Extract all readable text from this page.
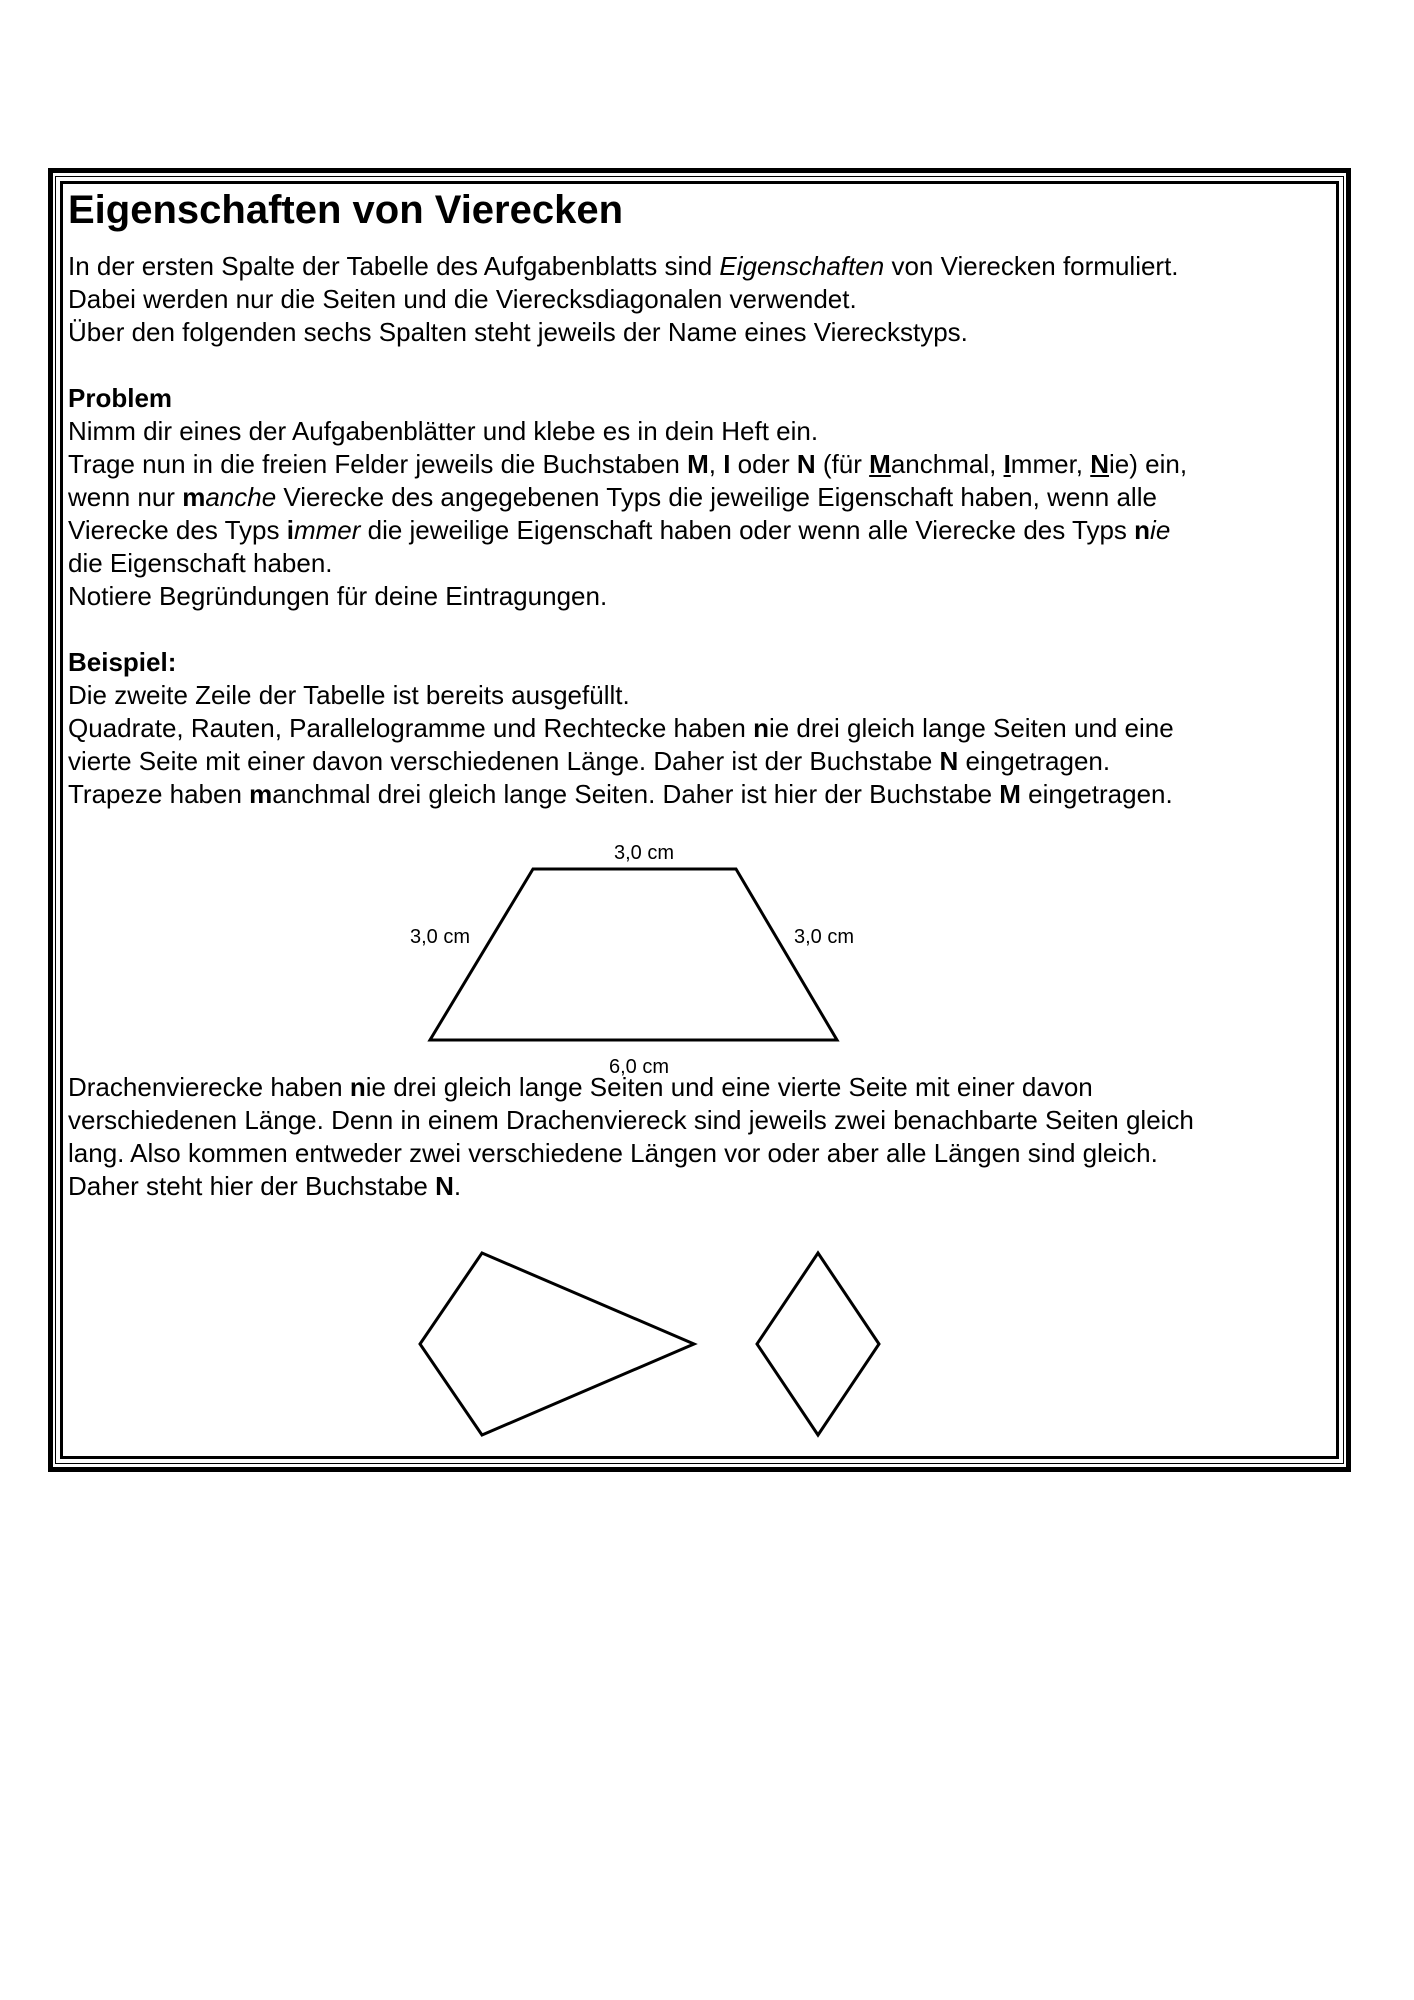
Eigenschaften von Vierecken

In der ersten Spalte der Tabelle des Aufgabenblatts sind Eigenschaften von Vierecken formuliert.

Dabei werden nur die Seiten und die Vierecksdiagonalen verwendet.

Über den folgenden sechs Spalten steht jeweils der Name eines Viereckstyps.

Problem

Nimm dir eines der Aufgabenblätter und klebe es in dein Heft ein.

Trage nun in die freien Felder jeweils die Buchstaben M, I oder N (für Manchmal, Immer, Nie) ein,

wenn nur manche Vierecke des angegebenen Typs die jeweilige Eigenschaft haben, wenn alle

Vierecke des Typs immer die jeweilige Eigenschaft haben oder wenn alle Vierecke des Typs nie

die Eigenschaft haben.

Notiere Begründungen für deine Eintragungen.

Beispiel:

Die zweite Zeile der Tabelle ist bereits ausgefüllt.

Quadrate, Rauten, Parallelogramme und Rechtecke haben nie drei gleich lange Seiten und eine

vierte Seite mit einer davon verschiedenen Länge. Daher ist der Buchstabe N eingetragen.

Trapeze haben manchmal drei gleich lange Seiten. Daher ist hier der Buchstabe M eingetragen.

Drachenvierecke haben nie drei gleich lange Seiten und eine vierte Seite mit einer davon

verschiedenen Länge. Denn in einem Drachenviereck sind jeweils zwei benachbarte Seiten gleich

lang. Also kommen entweder zwei verschiedene Längen vor oder aber alle Längen sind gleich.

Daher steht hier der Buchstabe N.

3,0 cm
3,0 cm	3,0 cm
6,0 cm
